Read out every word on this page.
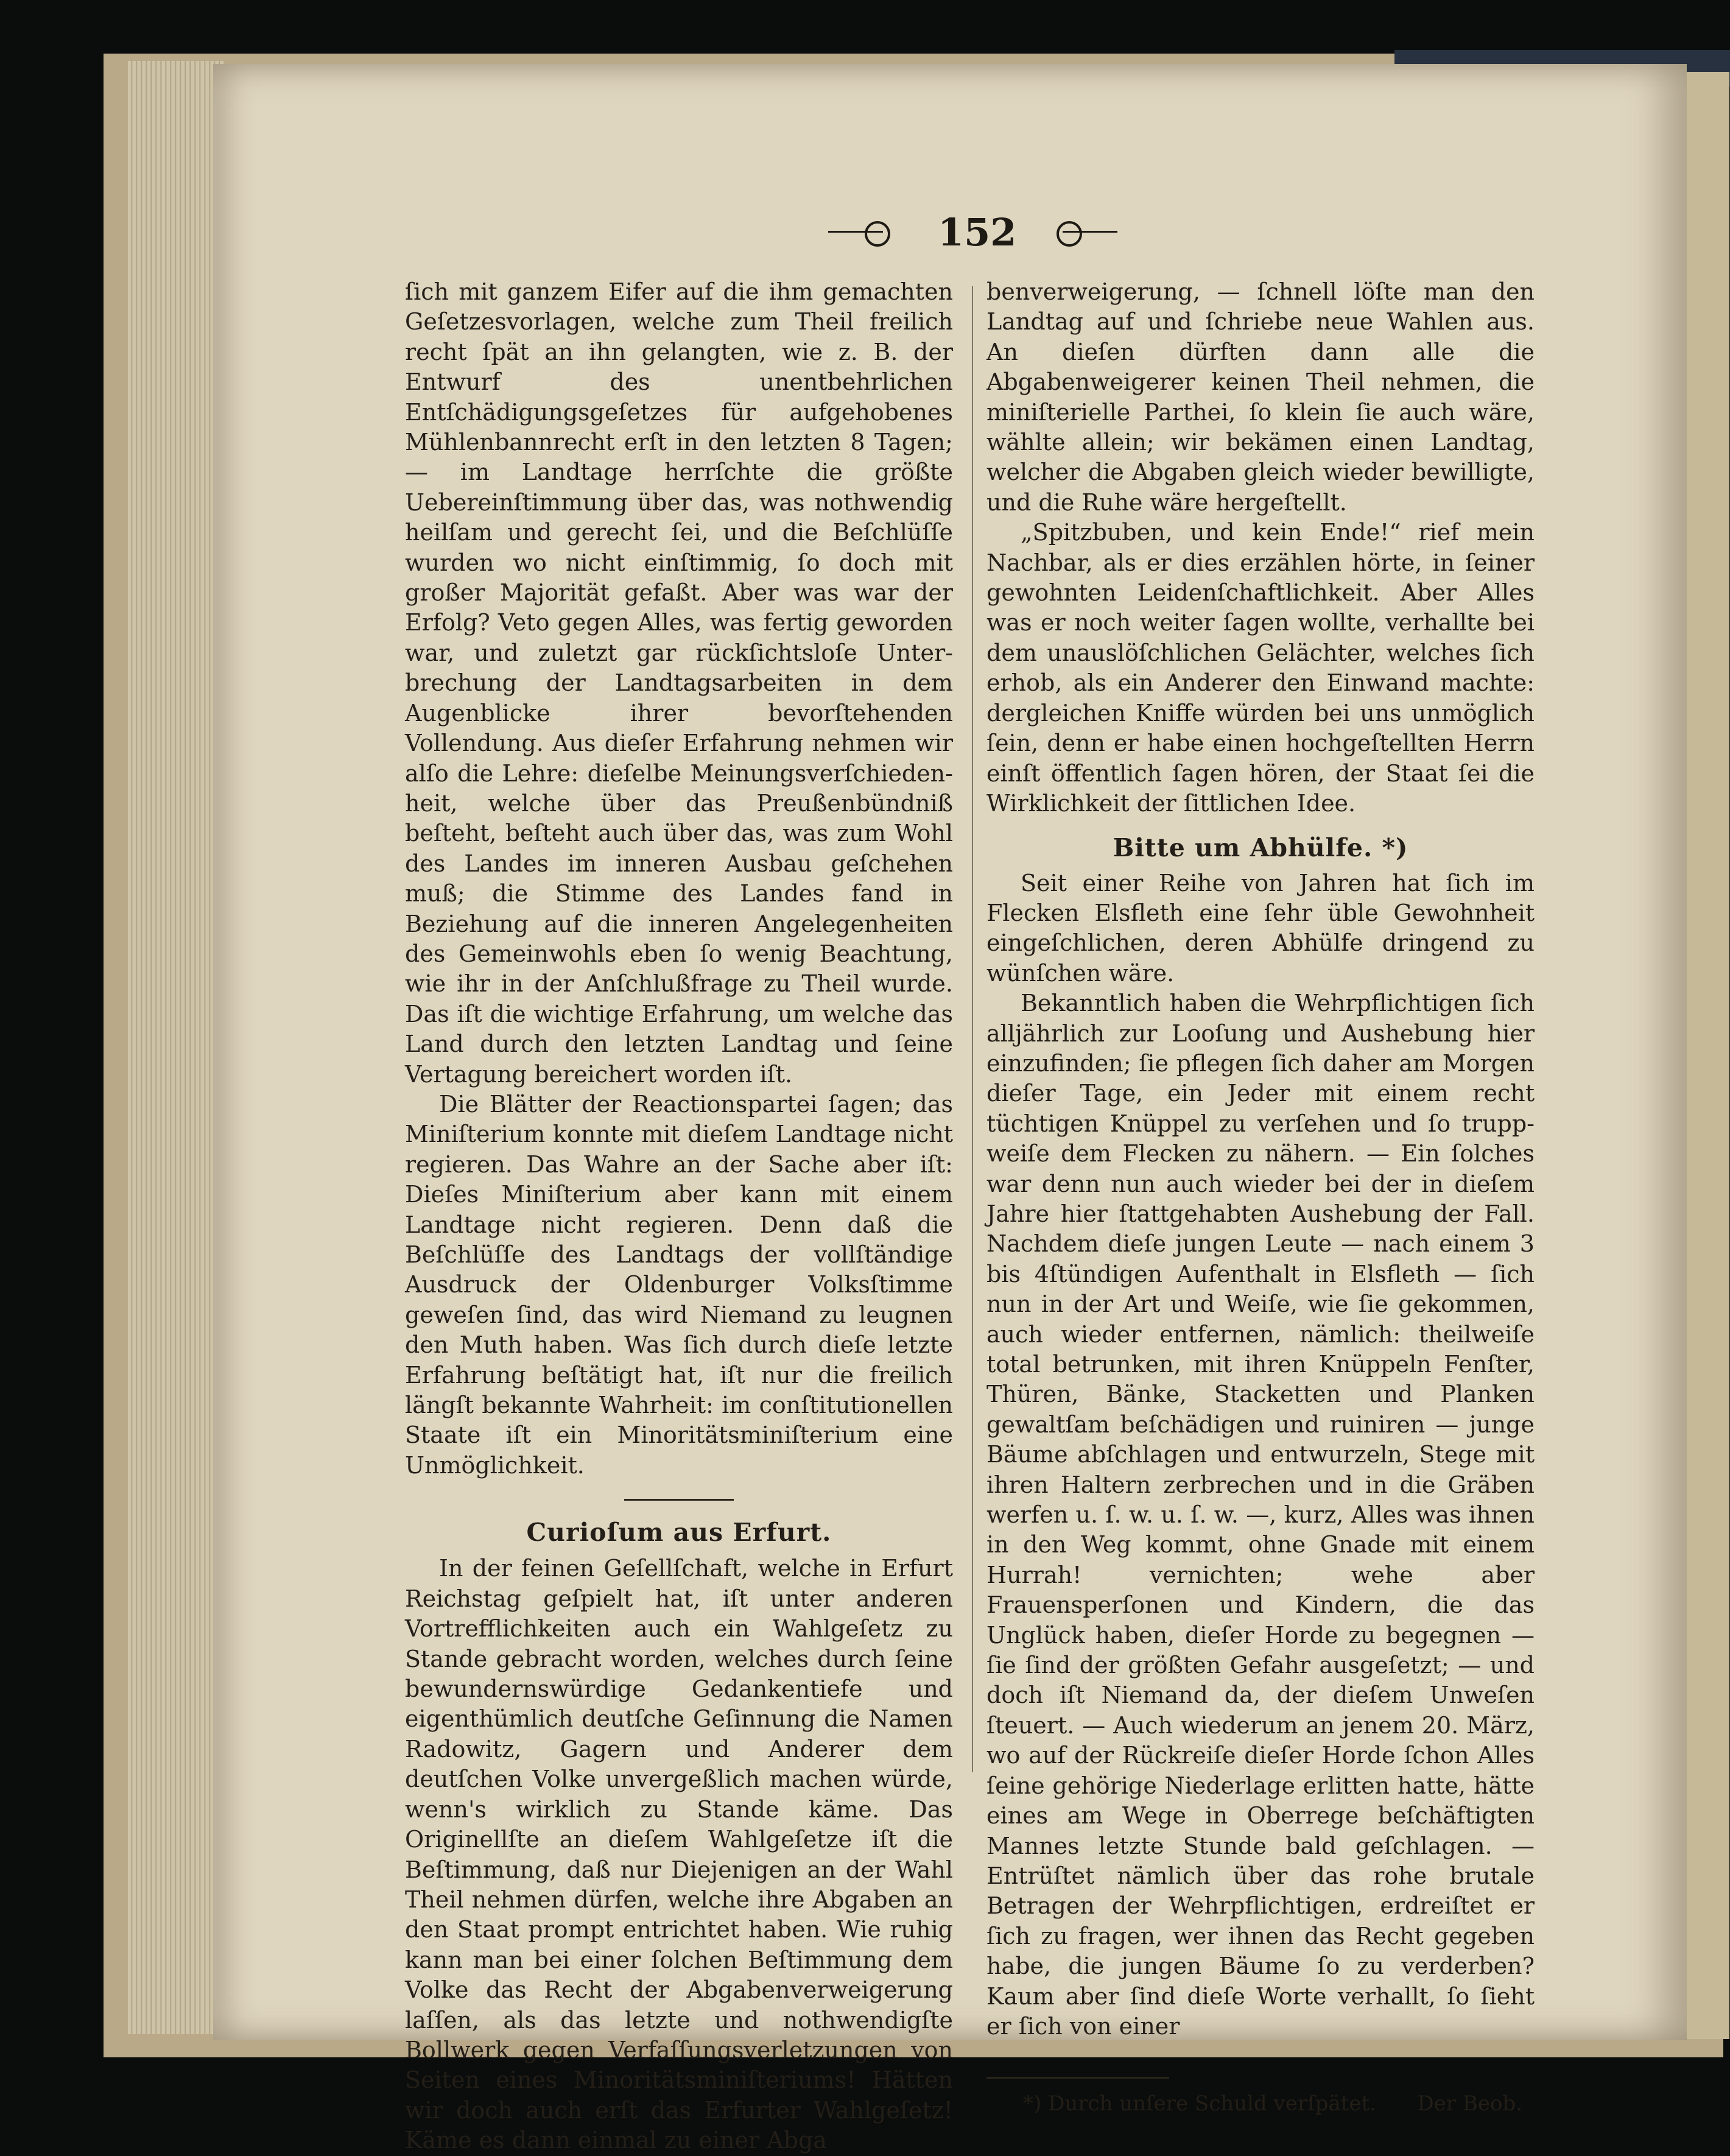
152

ſich mit ganzem Eifer auf die ihm gemachten Geſetzesvorlagen, welche zum Theil freilich recht ſpät an ihn gelangten, wie z. B. der Entwurf des unentbehrlichen Entſchädigungsgeſetzes für aufgehobenes Mühlenbannrecht erſt in den letzten 8 Tagen; — im Landtage herrſchte die größte Uebereinſtimmung über das, was nothwendig heilſam und gerecht ſei, und die Beſchlüſſe wurden wo nicht einſtimmig, ſo doch mit großer Majorität gefaßt. Aber was war der Erfolg? Veto gegen Alles, was fertig geworden war, und zuletzt gar rückſichtsloſe Unterbrechung der Landtagsarbeiten in dem Augenblicke ihrer bevorſtehenden Vollendung. Aus dieſer Erfahrung nehmen wir alſo die Lehre: dieſelbe Meinungsverſchiedenheit, welche über das Preußenbündniß beſteht, beſteht auch über das, was zum Wohl des Landes im inneren Ausbau geſchehen muß; die Stimme des Landes fand in Beziehung auf die inneren Angelegenheiten des Gemeinwohls eben ſo wenig Beachtung, wie ihr in der Anſchlußfrage zu Theil wurde. Das iſt die wichtige Erfahrung, um welche das Land durch den letzten Landtag und ſeine Vertagung bereichert worden iſt.

Die Blätter der Reactionspartei ſagen; das Miniſterium konnte mit dieſem Landtage nicht regieren. Das Wahre an der Sache aber iſt: Dieſes Miniſterium aber kann mit einem Landtage nicht regieren. Denn daß die Beſchlüſſe des Landtags der vollſtändige Ausdruck der Oldenburger Volksſtimme geweſen ſind, das wird Niemand zu leugnen den Muth haben. Was ſich durch dieſe letzte Erfahrung beſtätigt hat, iſt nur die freilich längſt bekannte Wahrheit: im conſtitutionellen Staate iſt ein Minoritätsminiſterium eine Unmöglichkeit.

Curioſum aus Erfurt.

In der feinen Geſellſchaft, welche in Erfurt Reichstag geſpielt hat, iſt unter anderen Vortrefflichkeiten auch ein Wahlgeſetz zu Stande gebracht worden, welches durch ſeine bewundernswürdige Gedankentiefe und eigenthümlich deutſche Geſinnung die Namen Radowitz, Gagern und Anderer dem deutſchen Volke unvergeßlich machen würde, wenn's wirklich zu Stande käme. Das Originellſte an dieſem Wahlgeſetze iſt die Beſtimmung, daß nur Diejenigen an der Wahl Theil nehmen dürfen, welche ihre Abgaben an den Staat prompt entrichtet haben. Wie ruhig kann man bei einer ſolchen Beſtimmung dem Volke das Recht der Abgabenverweigerung laſſen, als das letzte und nothwendigſte Bollwerk gegen Verfaſſungsverletzungen von Seiten eines Minoritätsminiſteriums! Hätten wir doch auch erſt das Erfurter Wahlgeſetz! Käme es dann einmal zu einer Abga

benverweigerung, — ſchnell löſte man den Landtag auf und ſchriebe neue Wahlen aus. An dieſen dürften dann alle die Abgabenweigerer keinen Theil nehmen, die miniſterielle Parthei, ſo klein ſie auch wäre, wählte allein; wir bekämen einen Landtag, welcher die Abgaben gleich wieder bewilligte, und die Ruhe wäre hergeſtellt.

„Spitzbuben, und kein Ende!“ rief mein Nachbar, als er dies erzählen hörte, in ſeiner gewohnten Leidenſchaftlichkeit. Aber Alles was er noch weiter ſagen wollte, verhallte bei dem unauslöſchlichen Gelächter, welches ſich erhob, als ein Anderer den Einwand machte: dergleichen Kniffe würden bei uns unmöglich ſein, denn er habe einen hochgeſtellten Herrn einſt öffentlich ſagen hören, der Staat ſei die Wirklichkeit der ſittlichen Idee.

Bitte um Abhülfe. *)

Seit einer Reihe von Jahren hat ſich im Flecken Elsfleth eine ſehr üble Gewohnheit eingeſchlichen, deren Abhülfe dringend zu wünſchen wäre.

Bekanntlich haben die Wehrpflichtigen ſich alljährlich zur Looſung und Aushebung hier einzufinden; ſie pflegen ſich daher am Morgen dieſer Tage, ein Jeder mit einem recht tüchtigen Knüppel zu verſehen und ſo truppweiſe dem Flecken zu nähern. — Ein ſolches war denn nun auch wieder bei der in dieſem Jahre hier ſtattgehabten Aushebung der Fall. Nachdem dieſe jungen Leute — nach einem 3 bis 4ſtündigen Aufenthalt in Elsfleth — ſich nun in der Art und Weiſe, wie ſie gekommen, auch wieder entfernen, nämlich: theilweiſe total betrunken, mit ihren Knüppeln Fenſter, Thüren, Bänke, Stacketten und Planken gewaltſam beſchädigen und ruiniren — junge Bäume abſchlagen und entwurzeln, Stege mit ihren Haltern zerbrechen und in die Gräben werfen u. ſ. w. u. ſ. w. —, kurz, Alles was ihnen in den Weg kommt, ohne Gnade mit einem Hurrah! vernichten; wehe aber Frauensperſonen und Kindern, die das Unglück haben, dieſer Horde zu begegnen — ſie ſind der größten Gefahr ausgeſetzt; — und doch iſt Niemand da, der dieſem Unweſen ſteuert. — Auch wiederum an jenem 20. März, wo auf der Rückreiſe dieſer Horde ſchon Alles ſeine gehörige Niederlage erlitten hatte, hätte eines am Wege in Oberrege beſchäftigten Mannes letzte Stunde bald geſchlagen. — Entrüſtet nämlich über das rohe brutale Betragen der Wehrpflichtigen, erdreiſtet er ſich zu fragen, wer ihnen das Recht gegeben habe, die jungen Bäume ſo zu verderben? Kaum aber ſind dieſe Worte verhallt, ſo ſieht er ſich von einer

*) Durch unſere Schuld verſpätet. Der Beob.
